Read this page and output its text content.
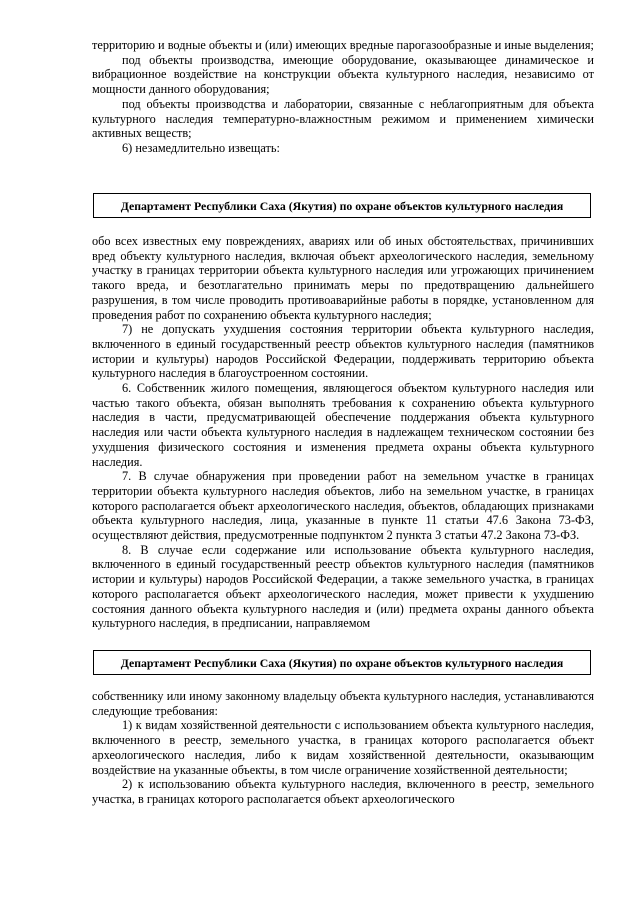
территорию и водные объекты и (или) имеющих вредные парогазообразные и иные выделения;

под объекты производства, имеющие оборудование, оказывающее динамическое и вибрационное воздействие на конструкции объекта культурного наследия, независимо от мощности данного оборудования;

под объекты производства и лаборатории, связанные с неблагоприятным для объекта культурного наследия температурно-влажностным режимом и применением химически активных веществ;

6) незамедлительно извещать:

Департамент Республики Саха (Якутия) по охране объектов культурного наследия

обо всех известных ему повреждениях, авариях или об иных обстоятельствах, причинивших вред объекту культурного наследия, включая объект археологического наследия, земельному участку в границах территории объекта культурного наследия или угрожающих причинением такого вреда, и безотлагательно принимать меры по предотвращению дальнейшего разрушения, в том числе проводить противоаварийные работы в порядке, установленном для проведения работ по сохранению объекта культурного наследия;

7) не допускать ухудшения состояния территории объекта культурного наследия, включенного в единый государственный реестр объектов культурного наследия (памятников истории и культуры) народов Российской Федерации, поддерживать территорию объекта культурного наследия в благоустроенном состоянии.

6. Собственник жилого помещения, являющегося объектом культурного наследия или частью такого объекта, обязан выполнять требования к сохранению объекта культурного наследия в части, предусматривающей обеспечение поддержания объекта культурного наследия или части объекта культурного наследия в надлежащем техническом состоянии без ухудшения физического состояния и изменения предмета охраны объекта культурного наследия.

7. В случае обнаружения при проведении работ на земельном участке в границах территории объекта культурного наследия объектов, либо на земельном участке, в границах которого располагается объект археологического наследия, объектов, обладающих признаками объекта культурного наследия, лица, указанные в пункте 11 статьи 47.6 Закона 73-ФЗ, осуществляют действия, предусмотренные подпунктом 2 пункта 3 статьи 47.2 Закона 73-ФЗ.

8. В случае если содержание или использование объекта культурного наследия, включенного в единый государственный реестр объектов культурного наследия (памятников истории и культуры) народов Российской Федерации, а также земельного участка, в границах которого располагается объект археологического наследия, может привести к ухудшению состояния данного объекта культурного наследия и (или) предмета охраны данного объекта культурного наследия, в предписании, направляемом

Департамент Республики Саха (Якутия) по охране объектов культурного наследия

собственнику или иному законному владельцу объекта культурного наследия, устанавливаются следующие требования:

1) к видам хозяйственной деятельности с использованием объекта культурного наследия, включенного в реестр, земельного участка, в границах которого располагается объект археологического наследия, либо к видам хозяйственной деятельности, оказывающим воздействие на указанные объекты, в том числе ограничение хозяйственной деятельности;

2) к использованию объекта культурного наследия, включенного в реестр, земельного участка, в границах которого располагается объект археологического
